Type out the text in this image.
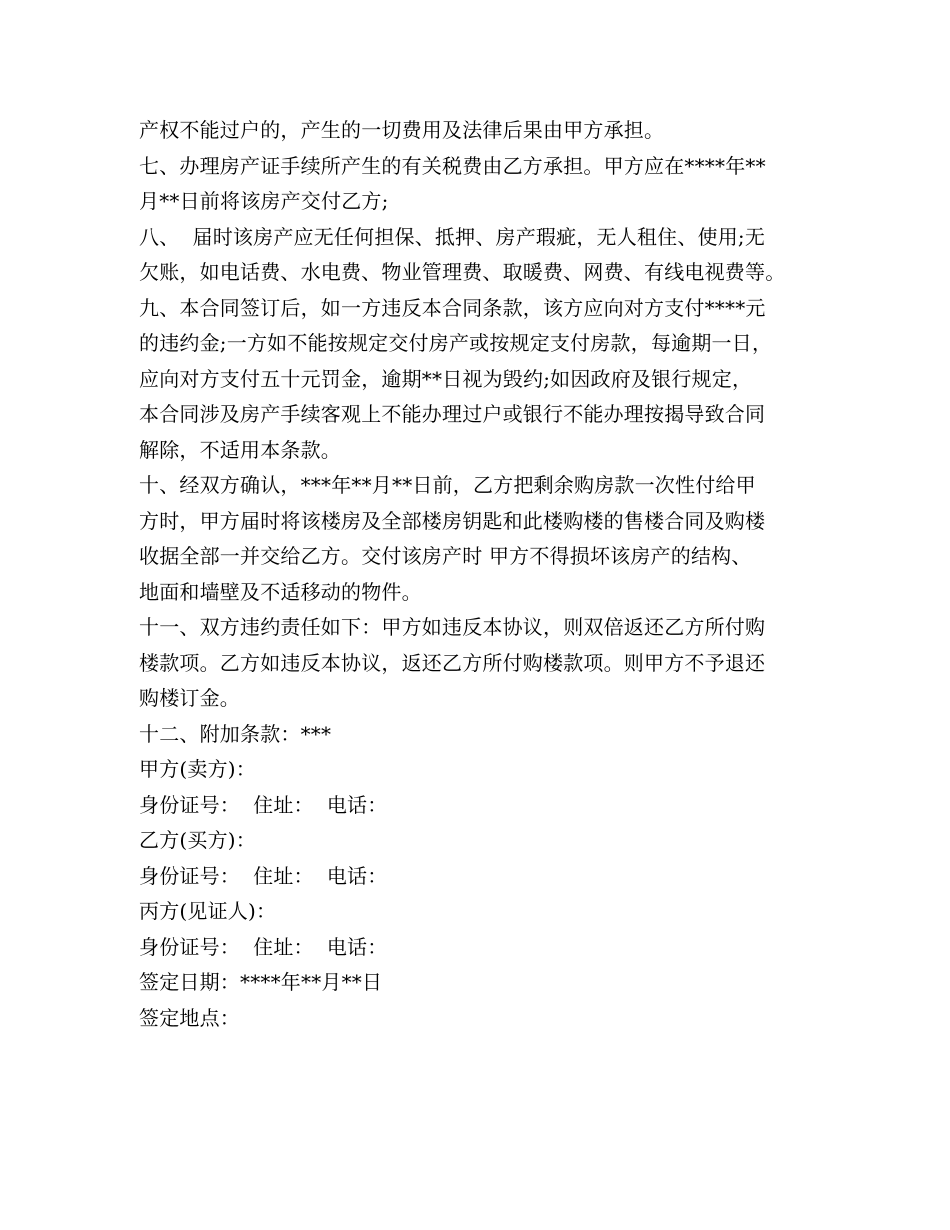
产权不能过户的，产生的一切费用及法律后果由甲方承担。
七、办理房产证手续所产生的有关税费由乙方承担。甲方应在****年**
月**日前将该房产交付乙方;
八、  届时该房产应无任何担保、抵押、房产瑕疵，无人租住、使用;无
欠账，如电话费、水电费、物业管理费、取暖费、网费、有线电视费等。
九、本合同签订后，如一方违反本合同条款，该方应向对方支付****元
的违约金;一方如不能按规定交付房产或按规定支付房款，每逾期一日，
应向对方支付五十元罚金，逾期**日视为毁约;如因政府及银行规定，
本合同涉及房产手续客观上不能办理过户或银行不能办理按揭导致合同
解除，不适用本条款。
十、经双方确认，***年**月**日前，乙方把剩余购房款一次性付给甲
方时，甲方届时将该楼房及全部楼房钥匙和此楼购楼的售楼合同及购楼
收据全部一并交给乙方。交付该房产时 甲方不得损坏该房产的结构、
地面和墙壁及不适移动的物件。
十一、双方违约责任如下：甲方如违反本协议，则双倍返还乙方所付购
楼款项。乙方如违反本协议，返还乙方所付购楼款项。则甲方不予退还
购楼订金。
十二、附加条款：***
甲方(卖方)：
身份证号：  住址：  电话：
乙方(买方)：
身份证号：  住址：  电话：
丙方(见证人)：
身份证号：  住址：  电话：
签定日期：****年**月**日
签定地点：
